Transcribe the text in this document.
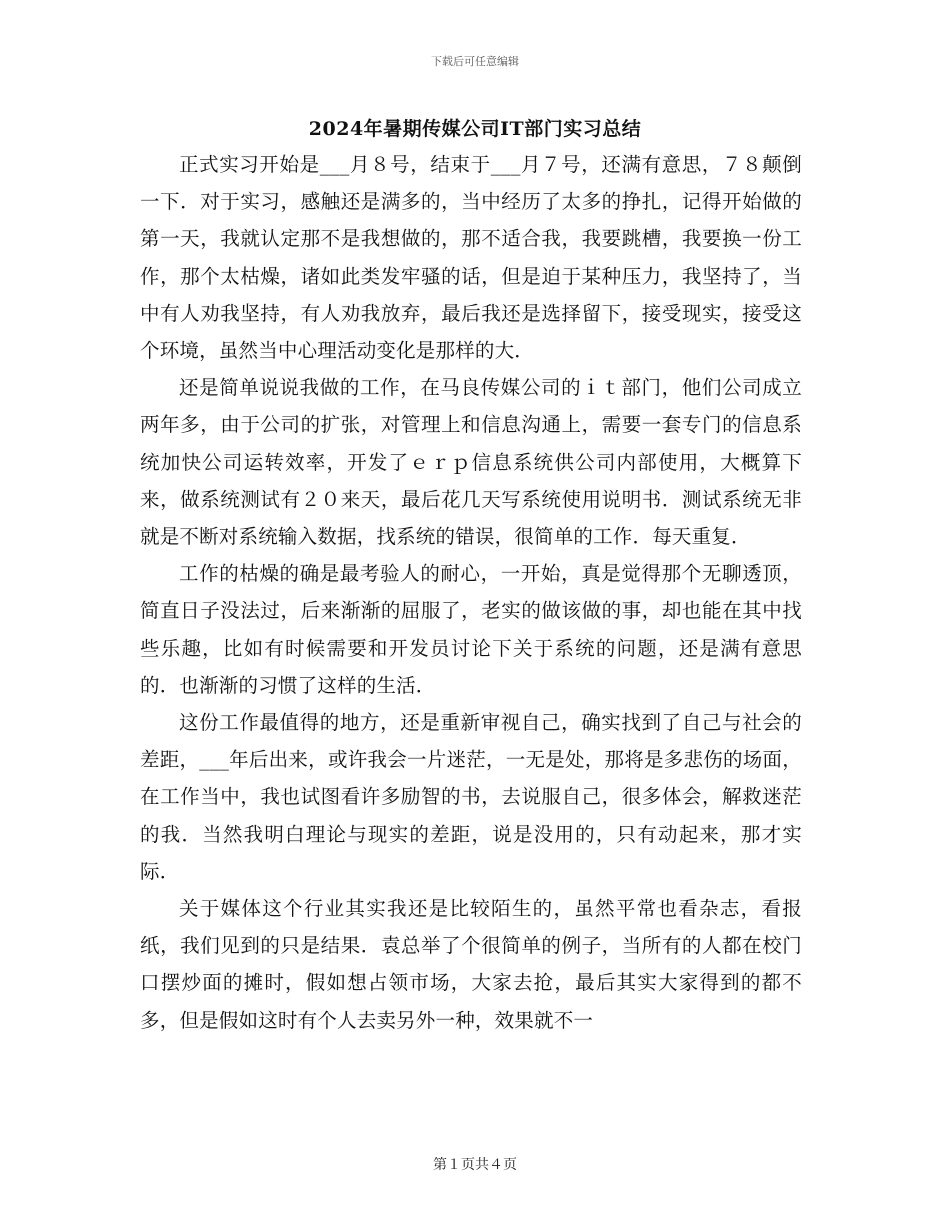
下载后可任意编辑
2024年暑期传媒公司IT部门实习总结

正式实习开始是___月８号，结束于___月７号，还满有意思，７８颠倒一下．对于实习，感触还是满多的，当中经历了太多的挣扎，记得开始做的第一天，我就认定那不是我想做的，那不适合我，我要跳槽，我要换一份工作，那个太枯燥，诸如此类发牢骚的话，但是迫于某种压力，我坚持了，当中有人劝我坚持，有人劝我放弃，最后我还是选择留下，接受现实，接受这个环境，虽然当中心理活动变化是那样的大．

还是简单说说我做的工作，在马良传媒公司的ｉｔ部门，他们公司成立两年多，由于公司的扩张，对管理上和信息沟通上，需要一套专门的信息系统加快公司运转效率，开发了ｅｒｐ信息系统供公司内部使用，大概算下来，做系统测试有２０来天，最后花几天写系统使用说明书．测试系统无非就是不断对系统输入数据，找系统的错误，很简单的工作．每天重复．

工作的枯燥的确是最考验人的耐心，一开始，真是觉得那个无聊透顶，简直日子没法过，后来渐渐的屈服了，老实的做该做的事，却也能在其中找些乐趣，比如有时候需要和开发员讨论下关于系统的问题，还是满有意思的．也渐渐的习惯了这样的生活．

这份工作最值得的地方，还是重新审视自己，确实找到了自己与社会的差距，___年后出来，或许我会一片迷茫，一无是处，那将是多悲伤的场面，在工作当中，我也试图看许多励智的书，去说服自己，很多体会，解救迷茫的我．当然我明白理论与现实的差距，说是没用的，只有动起来，那才实际．

关于媒体这个行业其实我还是比较陌生的，虽然平常也看杂志，看报纸，我们见到的只是结果．袁总举了个很简单的例子，当所有的人都在校门口摆炒面的摊时，假如想占领市场，大家去抢，最后其实大家得到的都不多，但是假如这时有个人去卖另外一种，效果就不一

第１页共４页
